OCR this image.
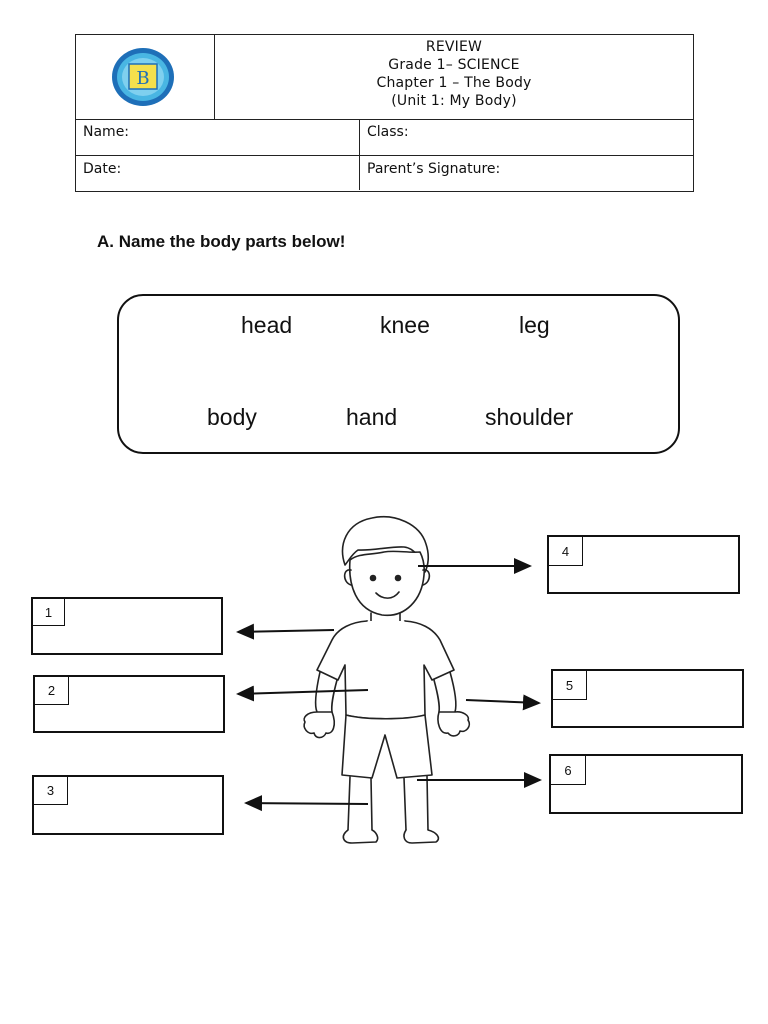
B
REVIEW
Grade 1– SCIENCE
Chapter 1 – The Body
(Unit 1: My Body)
Name:	Class:
Date:	Parent’s Signature:
A. Name the body parts below!
head	knee	leg
body	hand	shoulder
1
2
3
4
5
6
